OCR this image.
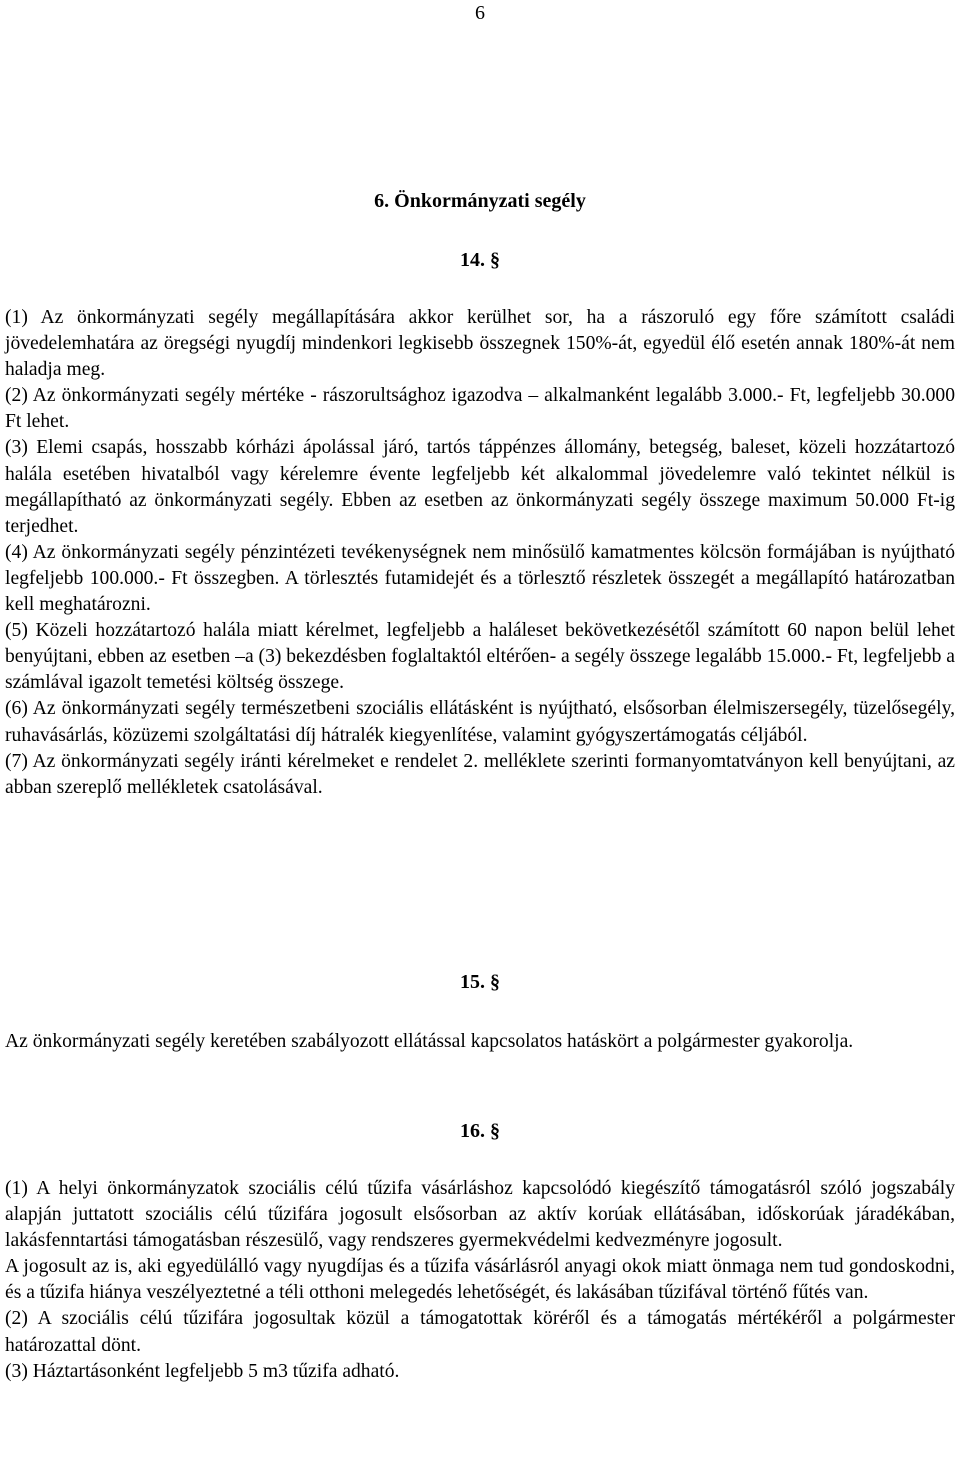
6
6. Önkormányzati segély
14. §

(1) Az önkormányzati segély megállapítására akkor kerülhet sor, ha a rászoruló egy főre számított családi jövedelemhatára az öregségi nyugdíj mindenkori legkisebb összegnek 150%-át, egyedül élő esetén annak 180%-át nem haladja meg.

(2) Az önkormányzati segély mértéke - rászorultsághoz igazodva – alkalmanként legalább 3.000.- Ft, legfeljebb 30.000 Ft lehet.

(3) Elemi csapás, hosszabb kórházi ápolással járó, tartós táppénzes állomány, betegség, baleset, közeli hozzátartozó halála esetében hivatalból vagy kérelemre évente legfeljebb két alkalommal jövedelemre való tekintet nélkül is megállapítható az önkormányzati segély. Ebben az esetben az önkormányzati segély összege maximum 50.000 Ft-ig terjedhet.

(4) Az önkormányzati segély pénzintézeti tevékenységnek nem minősülő kamatmentes kölcsön formájában is nyújtható legfeljebb 100.000.- Ft összegben. A törlesztés futamidejét és a törlesztő részletek összegét a megállapító határozatban kell meghatározni.

(5) Közeli hozzátartozó halála miatt kérelmet, legfeljebb a haláleset bekövetkezésétől számított 60 napon belül lehet benyújtani, ebben az esetben –a (3) bekezdésben foglaltaktól eltérően- a segély összege legalább 15.000.- Ft, legfeljebb a számlával igazolt temetési költség összege.

(6) Az önkormányzati segély természetbeni szociális ellátásként is nyújtható, elsősorban élelmiszersegély, tüzelősegély, ruhavásárlás, közüzemi szolgáltatási díj hátralék kiegyenlítése, valamint gyógyszertámogatás céljából.

(7) Az önkormányzati segély iránti kérelmeket e rendelet 2. melléklete szerinti formanyomtatványon kell benyújtani, az abban szereplő mellékletek csatolásával.

15. §

Az önkormányzati segély keretében szabályozott ellátással kapcsolatos hatáskört a polgármester gyakorolja.

16. §

(1) A helyi önkormányzatok szociális célú tűzifa vásárláshoz kapcsolódó kiegészítő támogatásról szóló jogszabály alapján juttatott szociális célú tűzifára jogosult elsősorban az aktív korúak ellátásában, időskorúak járadékában, lakásfenntartási támogatásban részesülő, vagy rendszeres gyermekvédelmi kedvezményre jogosult.

A jogosult az is, aki egyedülálló vagy nyugdíjas és a tűzifa vásárlásról anyagi okok miatt önmaga nem tud gondoskodni, és a tűzifa hiánya veszélyeztetné a téli otthoni melegedés lehetőségét, és lakásában tűzifával történő fűtés van.

(2) A szociális célú tűzifára jogosultak közül a támogatottak köréről és a támogatás mértékéről a polgármester határozattal dönt.

(3) Háztartásonként legfeljebb 5 m3 tűzifa adható.
